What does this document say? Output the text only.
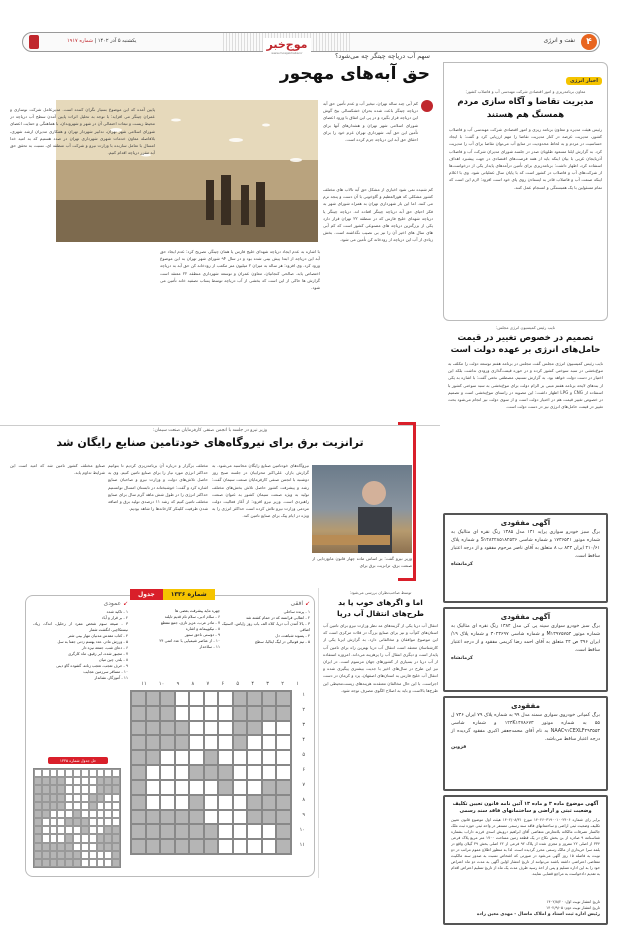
۴
نفت و انرژی
موج‌خبر
www.mowjekhabar.ir
یکشنبه ۵ آذر ۱۴۰۲ | شماره ۱۹۱۷
اخبار انرژی
معاون برنامه‌ریزی و امور اقتصادی شرکت مهندسی آب و فاضلاب کشور:
مدیریت تقاضا و آگاه سازی مردم همسنگ هم هستند
رئیس هیئت مدیره و معاون برنامه ریزی و امور اقتصادی شرکت مهندسی آب و فاضلاب کشور، مدیریت عرضه در کنار مدیریت تقاضا را مهم ارزیابی کرد و گفت: با ایجاد حساسیت در مردم و به لحاظ محدودیت در منابع آب می‌توان تقاضا برای آب را مدیریت کرد. به گزارش ایلنا مسعود طلوبان صدر در جلسه شورای مدیران شرکت آب و فاضلاب آذربایجان غربی با بیان اینکه باید از همه فرصت‌های اقتصادی در جهت پیشبرد اهداف استفاده کرد، اظهار داشت: برنامه‌ریزی برای تأمین درآمدهای پایدار یکی از درخواست‌ها از شرکت‌های آب و فاضلاب در کشور است که با پایان سال عملیاتی شود. وی با اعلام اینکه صنعت آب و فاضلاب قادر به ایستادن روی پای خود است افزود: لازم این است که تمام مسئولین با یک همبستگی و انسجام عمل کنند.
نایب رئیس کمیسیون انرژی مجلس:
تصمیم در خصوص تغییر در قیمت حامل‌های انرژی بر عهده دولت است
نایب رئیس کمیسیون انرژی مجلس گفت مجلس در برنامه هفتم توسعه دولت را مکلف به تنوع‌بخشی در سبد سوختی کشور کرده و در حوزه قیمت‌گذاری ورودی نداشت بلکه این اختیار در دست دولت خواهد بود. به گزارش تسنیم، مصطفی نخعی گفت: با اشاره به یکی از بندهای لایحه برنامه هفتم مبنی بر الزام دولت برای تنوع‌بخشی به سبد سوختی کشور با استفاده از CNG و LPG اظهار داشت: این مصوبه در راستای تنوع‌بخشی است و تصمیم در خصوص تغییر قیمت هم در اختیار دولت است و از سوی دولت نیز انجام می‌شود بحث تغییر در قیمت حامل‌های انرژی نیز در دست دولت است.
آگهی مفقودی

برگ سبز خودرو سواری پراید ۱۳۱ مدل ۱۳۸۵ رنگ نقره ای متالیک به شماره موتور ۱۷۳۶۵۴۱ و شماره شاسی S۱۴۸۲۲۸۵۱۸۲۵۳۶ و شماره پلاک ۲۱۰/۶۱ ایران ۸۴۳ ب ۸ متعلق به آقای ناصر مرحوم مفقود و از درجه اعتبار ساقط است.

کرمانشاه

آگهی مفقودی

برگ سبز خودرو سواری سپند پی کی مدل ۱۳۸۴ رنگ نقره ای متالیک به شماره موتور M۱۳۹۷۵۷۵۴ و شماره شاسی ۳۰۲۳۶۹۷ و شماره پلاک ۱۹/ایران ۳۹۶ ص ۲۴ متعلق به آقای احمد رضا کریمی مفقود و از درجه اعتبار ساقط است.

کرمانشاه

مفقودی

برگ کمپانی خودروی سواری سمند مدل ۹۹ به شماره پلاک ۷۹ ایران ۷۳۶ ل ۵۵ به شماره موتور ۱۲۴K۱۴۷۸۶۷۳ و شماره شاسی NAAC۹۱CEXLF۴۹۳۵۵۳ به نام آقای محمدجعفر اکبری مفقود گردیده از درجه اعتبار ساقط می‌باشد.

قزوین

آگهی موضوع ماده ۳ و ماده ۱۳ آئین نامه قانون تعیین تکلیف وضعیت ثبتی و اراضی و ساختمانهای فاقد سند رسمی

برابر رای شماره ۱۴۰۲۶۰۳۱۹۰۰۱۰۰۲۴۰۶ مورخ ۱۴۰۲/۰۸/۳۱ هیئت اول موضوع قانون تعیین تکلیف وضعیت ثبتی اراضی و ساختمانهای فاقد سند رسمی مستقر در واحد ثبتی حوزه ثبت ملک جالسار تصرفات مالکانه بلامعارض متقاضی آقای ابراهیم درویش اسدی فرزند داراب بشماره شناسنامه ۹ صادره از بن بخش نکاح در یک قطعه زمین مساحت ۱۷۰۰ متر مربع پلاک فرعی ۳۳۴ از اصلی ۲۲ مفروز و مجزی شده از پلاک ۹۲ فرعی از ۲۲ اصلی بخش ۳۹ گیلان واقع در بلمه سرا خریداری از مالک رسمی محرز گردیده است. لذا به منظور اطلاع عموم مراتب در دو نوبت به فاصله ۱۵ روز آگهی می‌شود در صورتی که اشخاص نسبت به صدور سند مالکیت متقاضی اعتراضی داشته باشند می‌توانند از تاریخ انتشار اولین آگهی به مدت دو ماه اعتراض خود را به این اداره تسلیم و پس از اخذ رسید ظرف مدت یک ماه از تاریخ تسلیم اعتراض اقدام به تقدیم دادخواست به مراجع قضایی نمایند.

تاریخ انتشار نوبت اول: ۱۴۰۲/۸/۲۰

تاریخ انتشار نوبت دوم: ۱۴۰۲/۹/۰۵

رئیس اداره ثبت اسناد و املاک ماسال - مهدی معین زاده

سهم آب دریاچه چیتگر چه می‌شود؟
حق آبه‌های مهجور
کم آبی چند ساله تهران، تبخیر آب و عدم تأمین حق آبه دریاچه چیتگر باعث شده بحران خشکسالی بیخ گوش این دریاچه قرار بگیرد و در پی این اتفاق با ورود اعضای شورای اسلامی شهر تهران و هشدارهای آنها برای تأمین این حق آبه، شهرداری تهران عزم خود را برای احقاق حق آبه این دریاچه جزم کرده است.
کم شنیده نمی شود اخباری از مشکل حق آبه تالاب های مختلف کشور مشکلی که هورالعظیم و گاوخونی با آن دست و پنجه نرم می کنند. اما این بار شهرداری تهران به همراه شورای شهر به فکر احیای حق آبه دریاچه چیتگر افتاده اند. دریاچه چیتگر یا دریاچه شهدای خلیج فارس که در منطقه ۲۲ تهران قرار دارد یکی از بزرگترین دریاچه های مصنوعی کشور است که کم آبی های سال های اخیر آن را نیز بی نصیب نگذاشته است. بخش زیادی از آب این دریاچه از رودخانه کن تأمین می شود.
پایین آمده که این موضوع بسیار نگران کننده است. مدیرعامل شرکت نوسازی و عمران چیتگر می افزاید: با توجه به تحلیل اثرات پایین آمدن سطح آب دریاچه در محیط زیست و تبعات احتمالی آن در شهر و شهروندان، با هماهنگی و حمایت اعضای شورای اسلامی شهر تهران، تدابیر شهردار تهران و همکاری مدیران ارشد شهری، بلافاصله معاون خدمات شهری شهرداری تهران در صدد هستیم که به امید خدا امسال با تعامل سازنده با وزارت نیرو و شرکت آب منطقه ای، نسبت به تحقق حق آبه مقرر دریاچه اقدام کنیم.
با اشاره به عدم ایجاد دریاچه شهدای خلیج فارس یا همان چیتگر، تصریح کرد: عدم ایجاد حق آبه این دریاچه از ابتدا پیش بینی شده بود و در سال ۹۴ شورای شهر تهران به این موضوع ورود کرد. وی افزود: هر ساله به میزان ۲ میلیون متر مکعب از رودخانه کن حق آبه به دریاچه اختصاص یابد. صالحی کنجانیان، معاون عمران و توسعه شهرداری منطقه ۲۲ معتقد است گزارش ها حاکی از این است که بخشی از آب دریاچه توسط پساب تصفیه خانه تأمین می شود.
وزیر نیرو در جلسه با انجمن صنفی کارفرمایان صنعت سیمان:
ترانزیت برق برای نیروگاه‌های خودتامین صنایع رایگان شد
وزیر نیرو گفت: بر اساس ماده چهار قانون مانع‌زدایی از صنعت برق، ترانزیت برق برای
نیروگاه‌های خودتامین صنایع رایگان محاسبه می‌شود. به گزارش بازار، علی‌اکبر محرابیان در جلسه صبح روز دوشنبه با انجمن صنفی کارفرمایان صنعت سیمان گفت: رشد و پیشرفت کشور حاصل تلاش بخش‌های مختلف تولید به ویژه صنعت سیمان کشور به عنوان صنعت راهبردی است. وزیر نیرو افزود: از آغاز فعالیت دولت مردمی وزارت نیرو تلاش کرده است حداکثر انرژی را به ویژه در ایام پیک برای صنایع تامین کند.
مختلف برگزار و درباره آن برنامه‌ریزی کردیم تا بتوانیم حداکثر انرژی مورد نیاز را برای صنایع تامین کنیم. وی به حاصل تلاش‌های دولت و وزارت نیرو و صاحبان صنایع اشاره کرد و گفت: خوشبختانه در تابستان امسال توانستیم حداکثر انرژی را در طول شش ماهه گرم سال برای صنایع مختلف تامین کنیم که رشد ۱۱ درصدی تولید برق و اضافه شدن ظرفیت کلینکر کارخانه‌ها را شاهد بودیم.
صنایع مختلف کشور تامین شد که امید است این شرایط تداوم یابد.
توسط صاحب‌نظران بررسی می‌شود:
اما و اگرهای خوب یا بد طرح‌های انتقال آب دریا
انتقال آب دریا یکی از گزینه‌های مد نظر وزارت نیرو برای تامین آب استان‌های کم‌آب و نیز برای صنایع بزرگ در فلات مرکزی است که این موضوع موافقان و مخالفانی دارد. به گزارش ایرنا یکی از کارشناسان معتقد است انتقال آب دریا بهترین راه برای تامین آب پایدار است و دیگری انتقال آب را پرهزینه می‌داند. امروزه استفاده از آب دریا در بسیاری از کشورهای جهان مرسوم است. در ایران نیز این طرح در سال‌های اخیر با جدیت بیشتری پیگیری شده و انتقال آب خلیج فارس به استان‌های اصفهان، یزد و کرمان در دست اجراست. با این حال مخالفان معتقدند هزینه‌های زیست‌محیطی این طرح‌ها بالاست و باید به اصلاح الگوی مصرف توجه شود.
شماره ۱۳۳۶
جدول
↙ افقی
۱ - پرنده ساحلی
۲ - انقلابی فرانسه که در حمام کشته شد
۳ - بالا آمدن آب دریا، کلاه الف باب روز زاپاس، لاستیک اضافی
۴ - پسوند شباهت، دل
۵ - تیم فوتبالی در لیگ ایتالیا، سطح
چهره مایه پیشرفت بعضی ها
۶ - سلام ادبی، سلام نام قدیم تایلند
۷ - مادر عرب، عزیز تازی، جمع مقطع
۸ - نیکوپیمانه و اشاره
۹ - دوستی ناحق ستور
۱۰ - از عناصر شیمیایی با عدد اتمی ۲۴
۱۱ - سلاحدار
↙ عمودی
۱ - تاکید شده
۲ - بر قرار و آباد
۳ - صیغه سوم شخص مفرد از رحلیل، اندک، زیاد، نیستکاچیر، انگشت شمار
۴ - کتاب مقدس مدنیان مهار بینی شتر
۵ - ورزش مادر، عدد بهسم زدنی جفتا به سل
۶ - دعای شب، جمعه نیزه دار
۷ - مجبور شده، ابر رقیق، ماه کارگری
۸ - بلدر، چین میان
۹ - حرف تعجب، تعجب زنانه، گشوده گاو دینی
۱۰ - مسافر سرزمین عجایب
۱۱ - آموزگار، نشاندار
۱
۲
۳
۴
۵
۶
۷
۸
۹
۱۰
۱۱
۱
۲
۳
۴
۵
۶
۷
۸
۹
۱۰
۱۱
حل جدول شماره ۱۳۳۵
